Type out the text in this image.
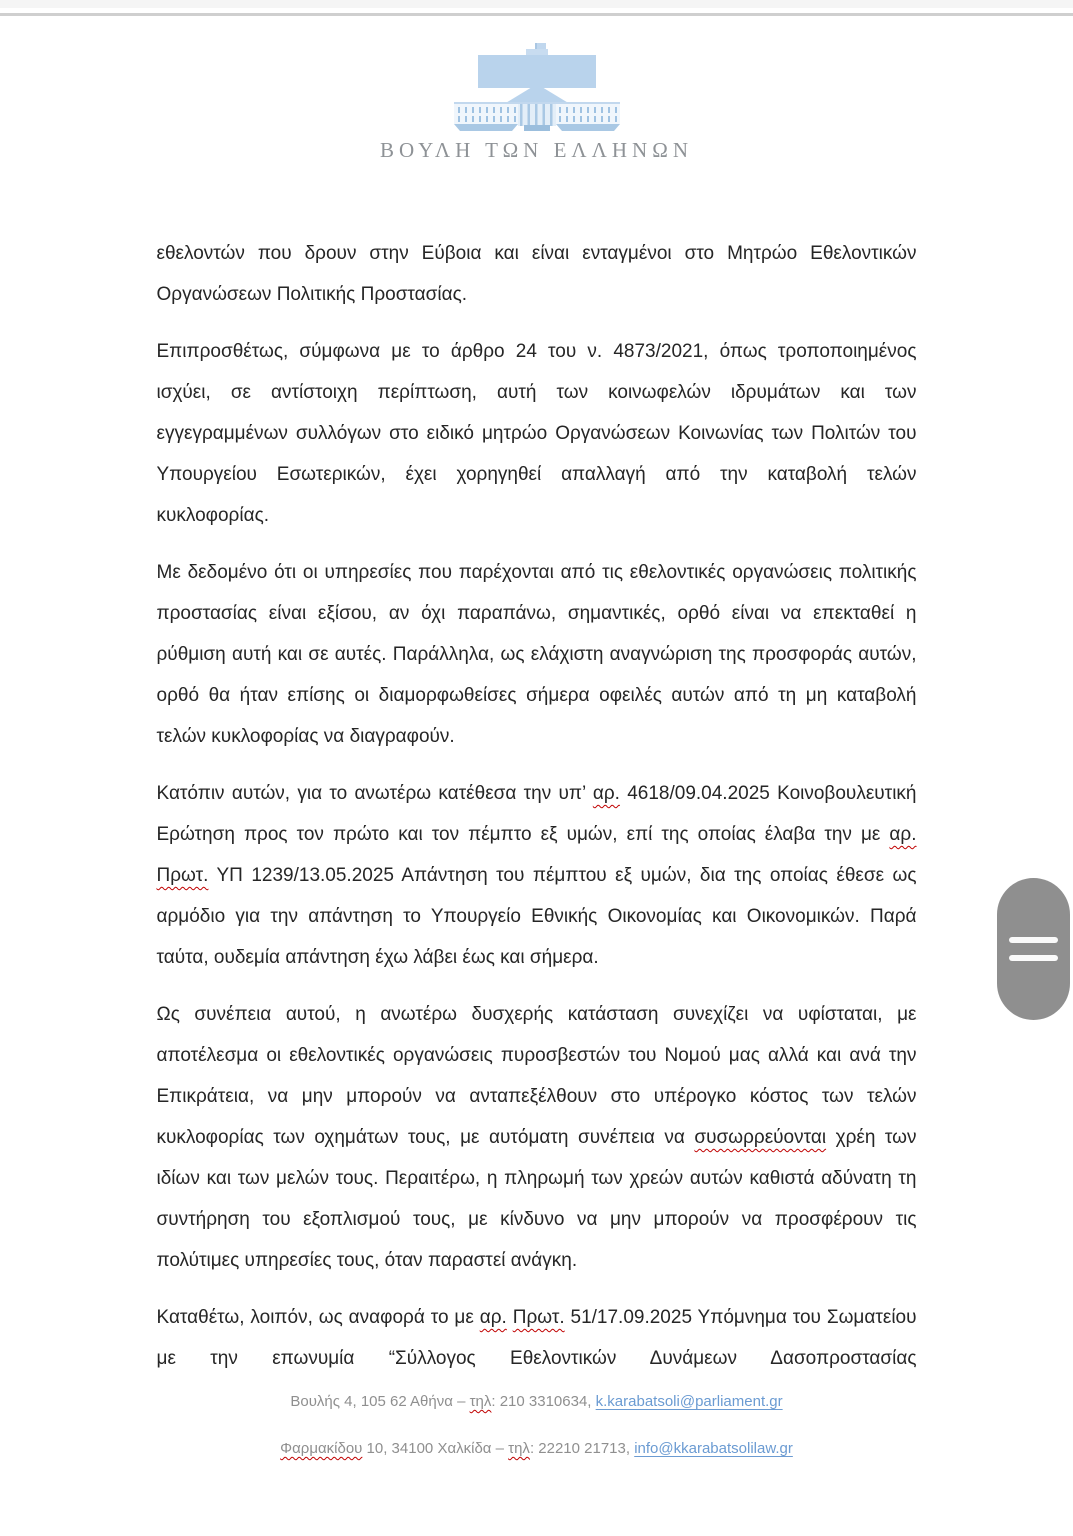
ΒΟΥΛΗ ΤΩΝ ΕΛΛΗΝΩΝ
εθελοντών που δρουν στην Εύβοια και είναι ενταγμένοι στο Μητρώο Εθελοντικών Οργανώσεων Πολιτικής Προστασίας.
Επιπροσθέτως, σύμφωνα με το άρθρο 24 του ν. 4873/2021, όπως τροποποιημένος ισχύει, σε αντίστοιχη περίπτωση, αυτή των κοινωφελών ιδρυμάτων και των εγγεγραμμένων συλλόγων στο ειδικό μητρώο Οργανώσεων Κοινωνίας των Πολιτών του Υπουργείου Εσωτερικών, έχει χορηγηθεί απαλλαγή από την καταβολή τελών κυκλοφορίας.
Με δεδομένο ότι οι υπηρεσίες που παρέχονται από τις εθελοντικές οργανώσεις πολιτικής προστασίας είναι εξίσου, αν όχι παραπάνω, σημαντικές, ορθό είναι να επεκταθεί η ρύθμιση αυτή και σε αυτές. Παράλληλα, ως ελάχιστη αναγνώριση της προσφοράς αυτών, ορθό θα ήταν επίσης οι διαμορφωθείσες σήμερα οφειλές αυτών από τη μη καταβολή τελών κυκλοφορίας να διαγραφούν.
Κατόπιν αυτών, για το ανωτέρω κατέθεσα την υπ’ αρ. 4618/09.04.2025 Κοινοβουλευτική Ερώτηση προς τον πρώτο και τον πέμπτο εξ υμών, επί της οποίας έλαβα την με αρ. Πρωτ. ΥΠ 1239/13.05.2025 Απάντηση του πέμπτου εξ υμών, δια της οποίας έθεσε ως αρμόδιο για την απάντηση το Υπουργείο Εθνικής Οικονομίας και Οικονομικών. Παρά ταύτα, ουδεμία απάντηση έχω λάβει έως και σήμερα.
Ως συνέπεια αυτού, η ανωτέρω δυσχερής κατάσταση συνεχίζει να υφίσταται, με αποτέλεσμα οι εθελοντικές οργανώσεις πυροσβεστών του Νομού μας αλλά και ανά την Επικράτεια, να μην μπορούν να ανταπεξέλθουν στο υπέρογκο κόστος των τελών κυκλοφορίας των οχημάτων τους, με αυτόματη συνέπεια να συσωρρεύονται χρέη των ιδίων και των μελών τους. Περαιτέρω, η πληρωμή των χρεών αυτών καθιστά αδύνατη τη συντήρηση του εξοπλισμού τους, με κίνδυνο να μην μπορούν να προσφέρουν τις πολύτιμες υπηρεσίες τους, όταν παραστεί ανάγκη.
Καταθέτω, λοιπόν, ως αναφορά το με αρ. Πρωτ. 51/17.09.2025 Υπόμνημα του Σωματείου με την επωνυμία “Σύλλογος Εθελοντικών Δυνάμεων Δασοπροστασίας
Βουλής 4, 105 62 Αθήνα – τηλ: 210 3310634, k.karabatsoli@parliament.gr
Φαρμακίδου 10, 34100 Χαλκίδα – τηλ: 22210 21713, info@kkarabatsolilaw.gr
